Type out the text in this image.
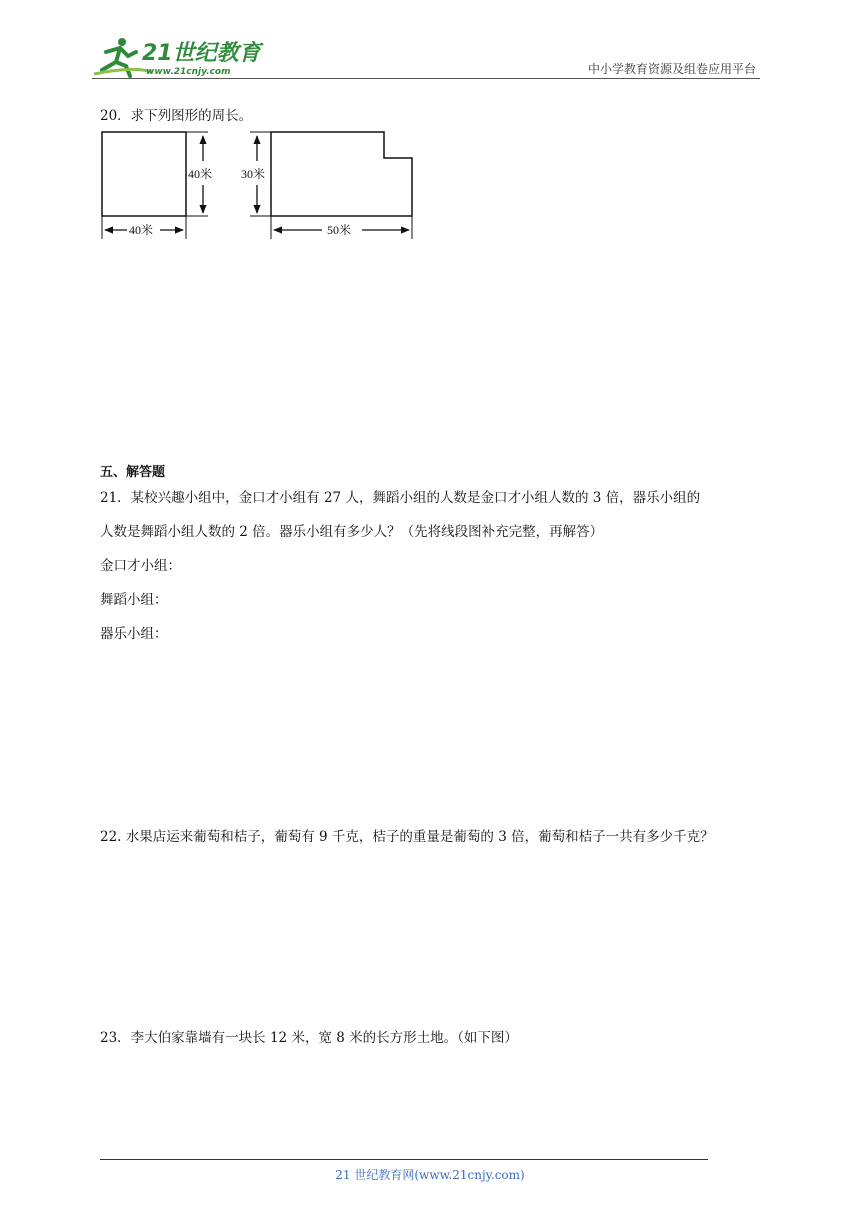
21世纪教育
www.21cnjy.com	中小学教育资源及组卷应用平台
20．求下列图形的周长。
40米
40米
30米
50米
五、解答题
21．某校兴趣小组中，金口才小组有 27 人，舞蹈小组的人数是金口才小组人数的 3 倍，器乐小组的
人数是舞蹈小组人数的 2 倍。器乐小组有多少人？（先将线段图补充完整，再解答）
金口才小组：
舞蹈小组：
器乐小组：
22. 水果店运来葡萄和桔子，葡萄有 9 千克，桔子的重量是葡萄的 3 倍，葡萄和桔子一共有多少千克？
23．李大伯家靠墙有一块长 12 米，宽 8 米的长方形土地。（如下图）
21 世纪教育网(www.21cnjy.com)
